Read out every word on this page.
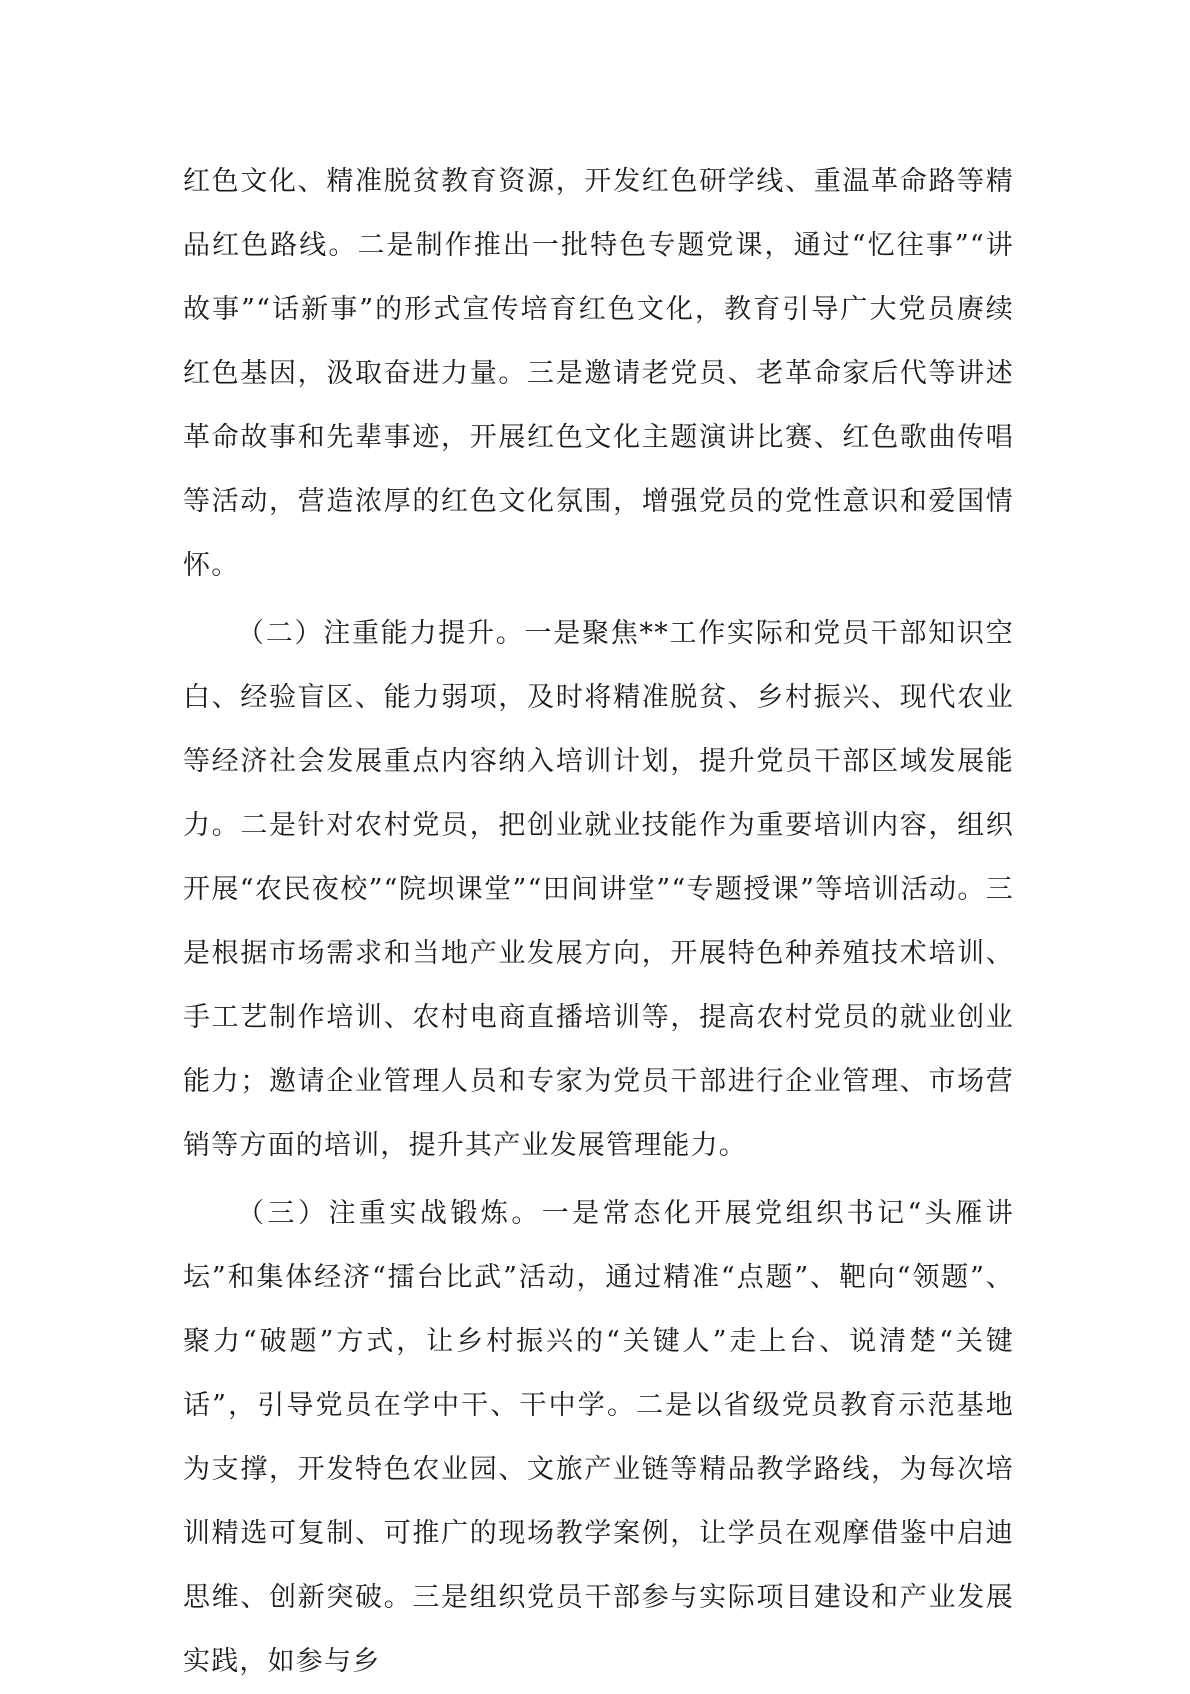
红色文化、精准脱贫教育资源，开发红色研学线、重温革命路等精品红色路线。二是制作推出一批特色专题党课，通过“忆往事”“讲故事”“话新事”的形式宣传培育红色文化，教育引导广大党员赓续红色基因，汲取奋进力量。三是邀请老党员、老革命家后代等讲述革命故事和先辈事迹，开展红色文化主题演讲比赛、红色歌曲传唱等活动，营造浓厚的红色文化氛围，增强党员的党性意识和爱国情怀。

（二）注重能力提升。一是聚焦**工作实际和党员干部知识空白、经验盲区、能力弱项，及时将精准脱贫、乡村振兴、现代农业等经济社会发展重点内容纳入培训计划，提升党员干部区域发展能力。二是针对农村党员，把创业就业技能作为重要培训内容，组织开展“农民夜校”“院坝课堂”“田间讲堂”“专题授课”等培训活动。三是根据市场需求和当地产业发展方向，开展特色种养殖技术培训、手工艺制作培训、农村电商直播培训等，提高农村党员的就业创业能力；邀请企业管理人员和专家为党员干部进行企业管理、市场营销等方面的培训，提升其产业发展管理能力。

（三）注重实战锻炼。一是常态化开展党组织书记“头雁讲坛”和集体经济“擂台比武”活动，通过精准“点题”、靶向“领题”、聚力“破题”方式，让乡村振兴的“关键人”走上台、说清楚“关键话”，引导党员在学中干、干中学。二是以省级党员教育示范基地为支撑，开发特色农业园、文旅产业链等精品教学路线，为每次培训精选可复制、可推广的现场教学案例，让学员在观摩借鉴中启迪思维、创新突破。三是组织党员干部参与实际项目建设和产业发展实践，如参与乡
